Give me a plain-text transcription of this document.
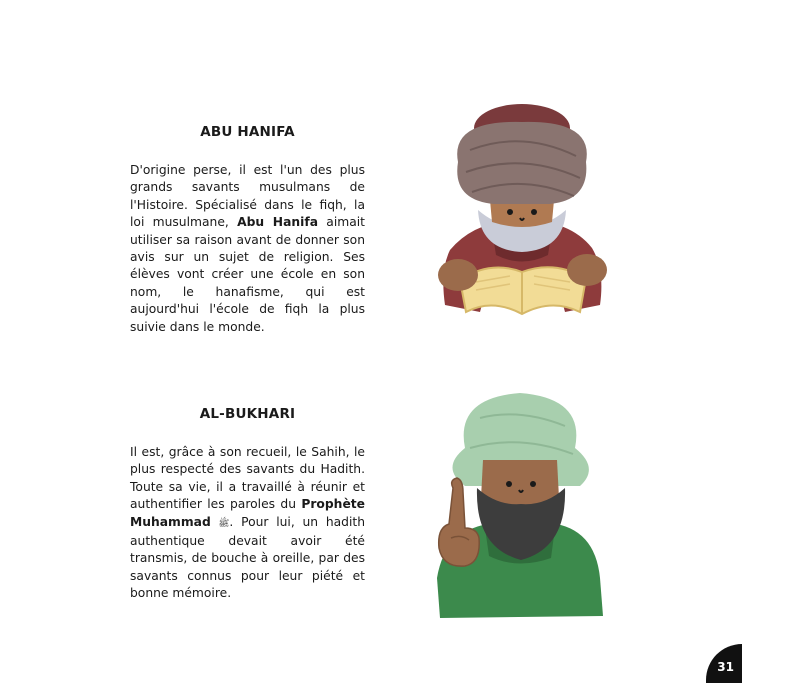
ABU HANIFA

D'origine perse, il est l'un des plus grands savants musulmans de l'Histoire. Spécialisé dans le fiqh, la loi musulmane, Abu Hanifa aimait utiliser sa raison avant de donner son avis sur un sujet de religion. Ses élèves vont créer une école en son nom, le hanafisme, qui est aujourd'hui l'école de fiqh la plus suivie dans le monde.

AL-BUKHARI

Il est, grâce à son recueil, le Sahih, le plus respecté des savants du Hadith. Toute sa vie, il a travaillé à réunir et authentifier les paroles du Prophète Muhammad ﷺ. Pour lui, un hadith authentique devait avoir été transmis, de bouche à oreille, par des savants connus pour leur piété et bonne mémoire.

31
